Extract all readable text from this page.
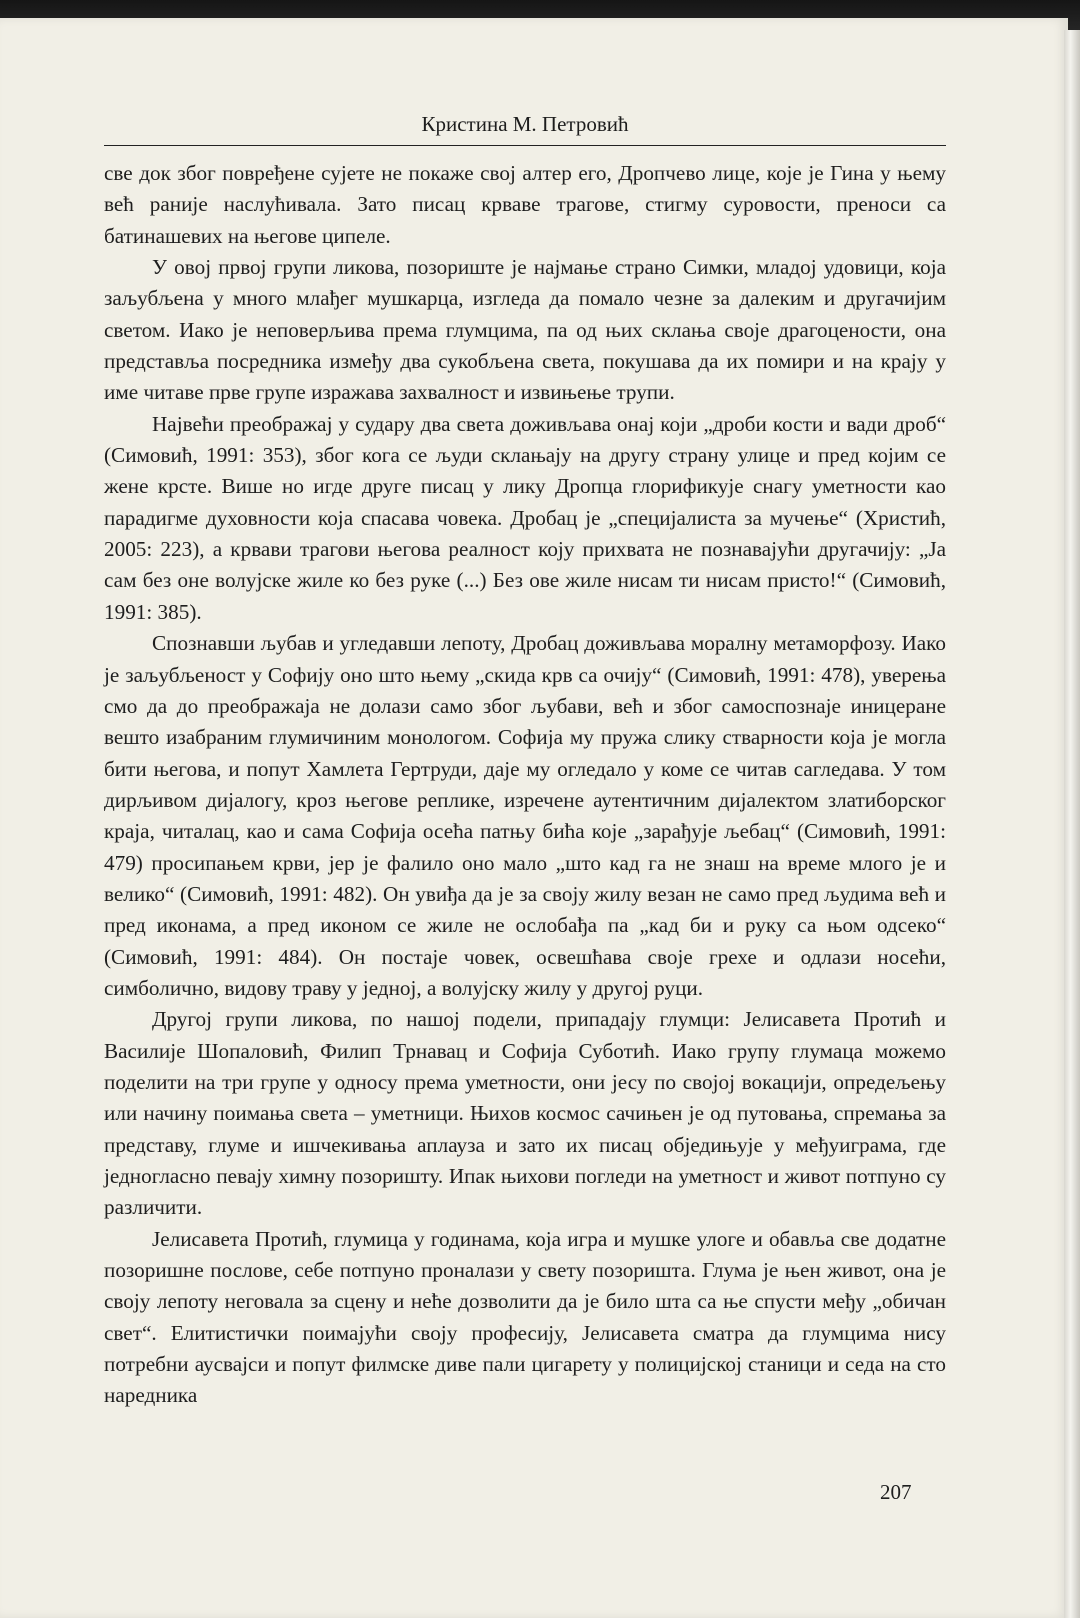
Кристина М. Петровић

све док због повређене сујете не покаже свој алтер его, Дропчево лице, које је Гина у њему већ раније наслућивала. Зато писац крваве трагове, стигму суровости, преноси са батинашевих на његове ципеле.

У овој првој групи ликова, позориште је најмање страно Симки, младој удовици, која заљубљена у много млађег мушкарца, изгледа да помало чезне за далеким и другачијим светом. Иако је неповерљива према глумцима, па од њих склања своје драгоцености, она представља посредника између два сукобљена света, покушава да их помири и на крају у име читаве прве групе изражава захвалност и извињење трупи.

Највећи преображај у судару два света доживљава онај који „дроби кости и вади дроб“ (Симовић, 1991: 353), због кога се људи склањају на другу страну улице и пред којим се жене крсте. Више но игде друге писац у лику Дропца глорификује снагу уметности као парадигме духовности која спасава човека. Дробац је „специјалиста за мучење“ (Христић, 2005: 223), а крвави трагови његова реалност коју прихвата не познавајући другачију: „Ја сам без оне волујске жиле ко без руке (...) Без ове жиле нисам ти нисам присто!“ (Симовић, 1991: 385).

Спознавши љубав и угледавши лепоту, Дробац доживљава моралну метаморфозу. Иако је заљубљеност у Софију оно што њему „скида крв са очију“ (Симовић, 1991: 478), уверења смо да до преображаја не долази само због љубави, већ и због самоспознаје иницеране вешто изабраним глумичиним монологом. Софија му пружа слику стварности која је могла бити његова, и попут Хамлета Гертруди, даје му огледало у коме се читав сагледава. У том дирљивом дијалогу, кроз његове реплике, изречене аутентичним дијалектом златиборског краја, читалац, као и сама Софија осећа патњу бића које „зарађује љебац“ (Симовић, 1991: 479) просипањем крви, јер је фалило оно мало „што кад га не знаш на време млого је и велико“ (Симовић, 1991: 482). Он увиђа да је за своју жилу везан не само пред људима већ и пред иконама, а пред иконом се жиле не ослобађа па „кад би и руку са њом одсеко“ (Симовић, 1991: 484). Он постаје човек, освешћава своје грехе и одлази носећи, симболично, видову траву у једној, а волујску жилу у другој руци.

Другој групи ликова, по нашој подели, припадају глумци: Јелисавета Протић и Василије Шопаловић, Филип Трнавац и Софија Суботић. Иако групу глумаца можемо поделити на три групе у односу према уметности, они јесу по својој вокацији, опредељењу или начину поимања света – уметници. Њихов космос сачињен је од путовања, спремања за представу, глуме и ишчекивања аплауза и зато их писац обједињује у међуиграма, где једногласно певају химну позоришту. Ипак њихови погледи на уметност и живот потпуно су различити.

Јелисавета Протић, глумица у годинама, која игра и мушке улоге и обавља све додатне позоришне послове, себе потпуно проналази у свету позоришта. Глума је њен живот, она је своју лепоту неговала за сцену и неће дозволити да је било шта са ње спусти међу „обичан свет“. Елитистички поимајући своју професију, Јелисавета сматра да глумцима нису потребни аусвајси и попут филмске диве пали цигарету у полицијској станици и седа на сто наредника

207
